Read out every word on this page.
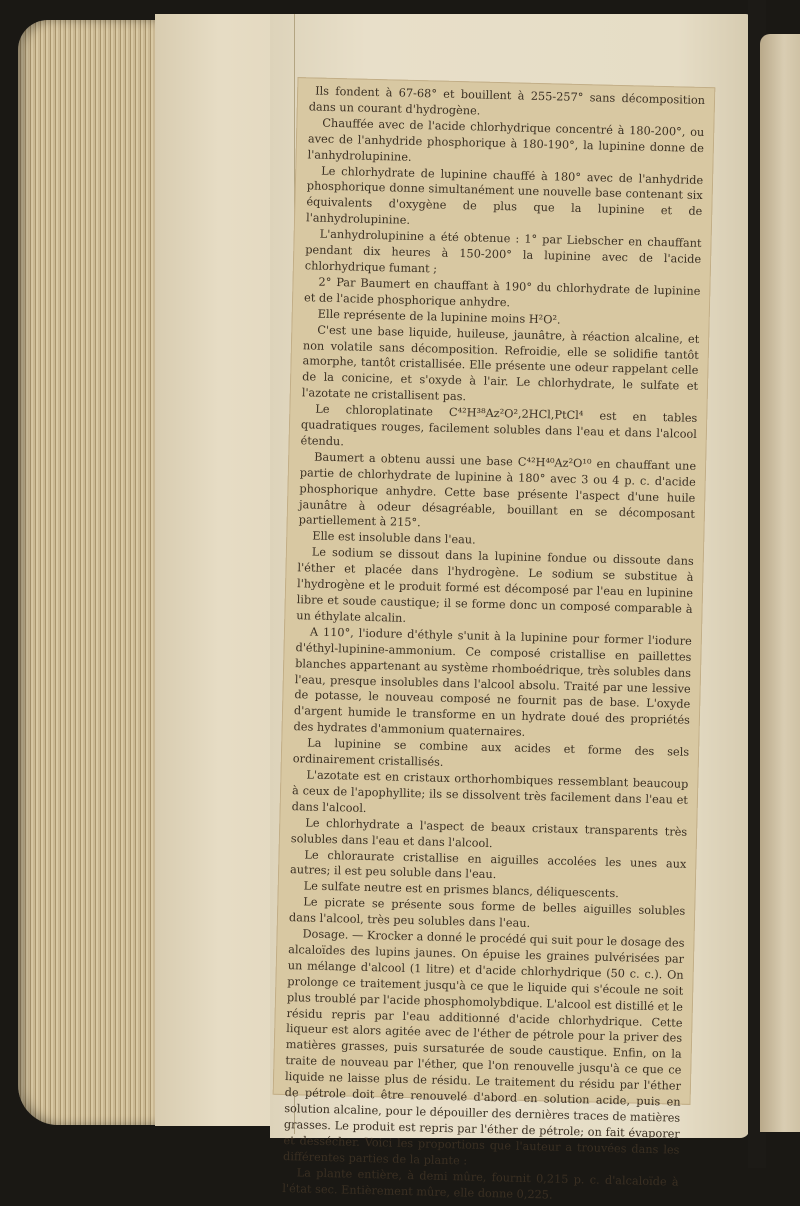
Ils fondent à 67-68° et bouillent à 255-257° sans décomposition dans un courant d'hydrogène.

Chauffée avec de l'acide chlorhydrique concentré à 180-200°, ou avec de l'anhydride phosphorique à 180-190°, la lupinine donne de l'anhydrolupinine.

Le chlorhydrate de lupinine chauffé à 180° avec de l'anhydride phosphorique donne simultanément une nouvelle base contenant six équivalents d'oxygène de plus que la lupinine et de l'anhydrolupinine.

L'anhydrolupinine a été obtenue : 1° par Liebscher en chauffant pendant dix heures à 150-200° la lupinine avec de l'acide chlorhydrique fumant ;

2° Par Baumert en chauffant à 190° du chlorhydrate de lupinine et de l'acide phosphorique anhydre.

Elle représente de la lupinine moins H²O².

C'est une base liquide, huileuse, jaunâtre, à réaction alcaline, et non volatile sans décomposition. Refroidie, elle se solidifie tantôt amorphe, tantôt cristallisée. Elle présente une odeur rappelant celle de la conicine, et s'oxyde à l'air. Le chlorhydrate, le sulfate et l'azotate ne cristallisent pas.

Le chloroplatinate C⁴²H³⁸Az²O²,2HCl,PtCl⁴ est en tables quadratiques rouges, facilement solubles dans l'eau et dans l'alcool étendu.

Baumert a obtenu aussi une base C⁴²H⁴⁰Az²O¹⁰ en chauffant une partie de chlorhydrate de lupinine à 180° avec 3 ou 4 p. c. d'acide phosphorique anhydre. Cette base présente l'aspect d'une huile jaunâtre à odeur désagréable, bouillant en se décomposant partiellement à 215°.

Elle est insoluble dans l'eau.

Le sodium se dissout dans la lupinine fondue ou dissoute dans l'éther et placée dans l'hydrogène. Le sodium se substitue à l'hydrogène et le produit formé est décomposé par l'eau en lupinine libre et soude caustique; il se forme donc un composé comparable à un éthylate alcalin.

A 110°, l'iodure d'éthyle s'unit à la lupinine pour former l'iodure d'éthyl-lupinine-ammonium. Ce composé cristallise en paillettes blanches appartenant au système rhomboédrique, très solubles dans l'eau, presque insolubles dans l'alcool absolu. Traité par une lessive de potasse, le nouveau composé ne fournit pas de base. L'oxyde d'argent humide le transforme en un hydrate doué des propriétés des hydrates d'ammonium quaternaires.

La lupinine se combine aux acides et forme des sels ordinairement cristallisés.

L'azotate est en cristaux orthorhombiques ressemblant beaucoup à ceux de l'apophyllite; ils se dissolvent très facilement dans l'eau et dans l'alcool.

Le chlorhydrate a l'aspect de beaux cristaux transparents très solubles dans l'eau et dans l'alcool.

Le chloraurate cristallise en aiguilles accolées les unes aux autres; il est peu soluble dans l'eau.

Le sulfate neutre est en prismes blancs, déliquescents.

Le picrate se présente sous forme de belles aiguilles solubles dans l'alcool, très peu solubles dans l'eau.

Dosage. — Krocker a donné le procédé qui suit pour le dosage des alcaloïdes des lupins jaunes. On épuise les graines pulvérisées par un mélange d'alcool (1 litre) et d'acide chlorhydrique (50 c. c.). On prolonge ce traitement jusqu'à ce que le liquide qui s'écoule ne soit plus troublé par l'acide phosphomolybdique. L'alcool est distillé et le résidu repris par l'eau additionné d'acide chlorhydrique. Cette liqueur est alors agitée avec de l'éther de pétrole pour la priver des matières grasses, puis sursaturée de soude caustique. Enfin, on la traite de nouveau par l'éther, que l'on renouvelle jusqu'à ce que ce liquide ne laisse plus de résidu. Le traitement du résidu par l'éther de pétrole doit être renouvelé d'abord en solution acide, puis en solution alcaline, pour le dépouiller des dernières traces de matières grasses. Le produit est repris par l'éther de pétrole; on fait évaporer et dessécher. Voici les proportions que l'auteur a trouvées dans les différentes parties de la plante :

La plante entière, à demi mûre, fournit 0,215 p. c. d'alcaloïde à l'état sec. Entièrement mûre, elle donne 0,225.
